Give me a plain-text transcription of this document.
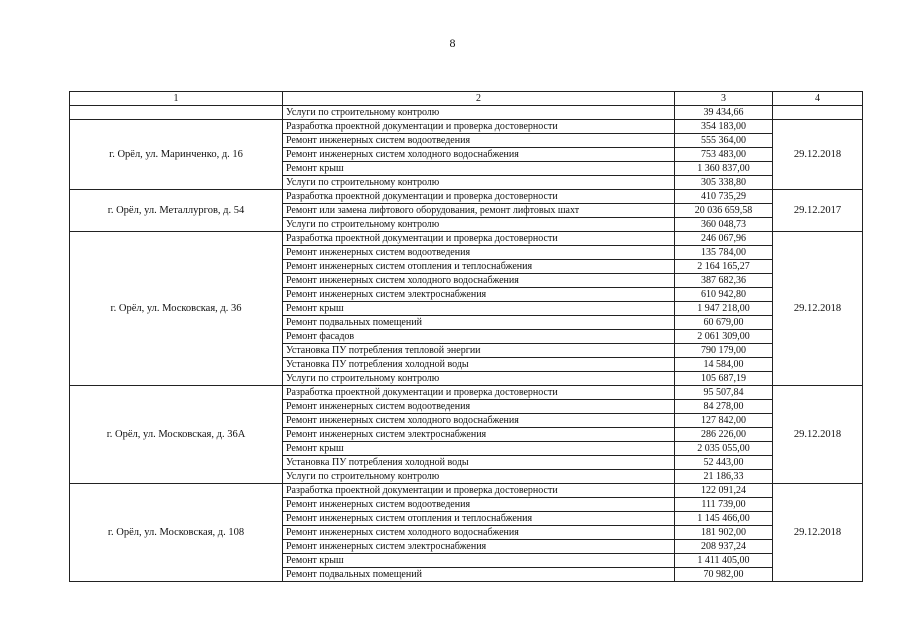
8
1	2	3	4
	Услуги по строительному контролю	39 434,66	
г. Орёл, ул. Маринченко, д. 16	Разработка проектной документации и проверка достоверности	354 183,00	29.12.2018
	Ремонт инженерных систем водоотведения	555 364,00	
	Ремонт инженерных систем холодного водоснабжения	753 483,00	
	Ремонт крыш	1 360 837,00	
	Услуги по строительному контролю	305 338,80	
г. Орёл, ул. Металлургов, д. 54	Разработка проектной документации и проверка достоверности	410 735,29	29.12.2017
	Ремонт или замена лифтового оборудования, ремонт лифтовых шахт	20 036 659,58	
	Услуги по строительному контролю	360 048,73	
г. Орёл, ул. Московская, д. 36	Разработка проектной документации и проверка достоверности	246 067,96	29.12.2018
	Ремонт инженерных систем водоотведения	135 784,00	
	Ремонт инженерных систем отопления и теплоснабжения	2 164 165,27	
	Ремонт инженерных систем холодного водоснабжения	387 682,36	
	Ремонт инженерных систем электроснабжения	610 942,80	
	Ремонт крыш	1 947 218,00	
	Ремонт подвальных помещений	60 679,00	
	Ремонт фасадов	2 061 309,00	
	Установка ПУ потребления тепловой энергии	790 179,00	
	Установка ПУ потребления холодной воды	14 584,00	
	Услуги по строительному контролю	105 687,19	
г. Орёл, ул. Московская, д. 36А	Разработка проектной документации и проверка достоверности	95 507,84	29.12.2018
	Ремонт инженерных систем водоотведения	84 278,00	
	Ремонт инженерных систем холодного водоснабжения	127 842,00	
	Ремонт инженерных систем электроснабжения	286 226,00	
	Ремонт крыш	2 035 055,00	
	Установка ПУ потребления холодной воды	52 443,00	
	Услуги по строительному контролю	21 186,33	
г. Орёл, ул. Московская, д. 108	Разработка проектной документации и проверка достоверности	122 091,24	29.12.2018
	Ремонт инженерных систем водоотведения	111 739,00	
	Ремонт инженерных систем отопления и теплоснабжения	1 145 466,00	
	Ремонт инженерных систем холодного водоснабжения	181 902,00	
	Ремонт инженерных систем электроснабжения	208 937,24	
	Ремонт крыш	1 411 405,00	
	Ремонт подвальных помещений	70 982,00	
